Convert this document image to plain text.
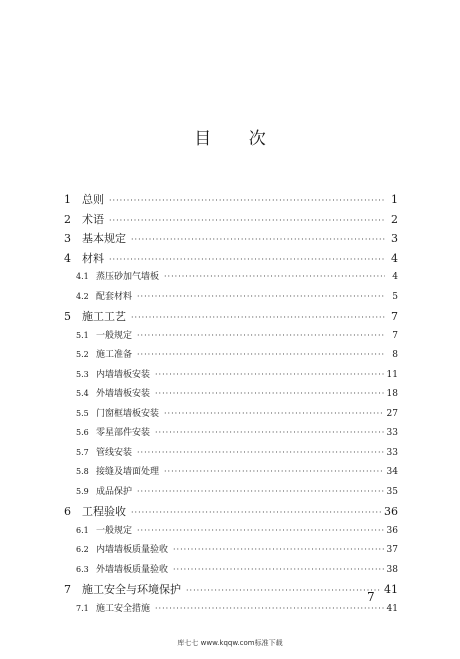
目 次
1	总则 ·····	1
2	术语 ·····	2
3	基本规定 ·····	3
4	材料 ·····	4
4.1 蒸压砂加气墙板 ·····	4
4.2 配套材料 ·····	5
5	施工工艺 ·····	7
5.1 一般规定 ·····	7
5.2 施工准备 ·····	8
5.3 内墙墙板安装 ·····	11
5.4 外墙墙板安装 ·····	18
5.5 门窗框墙板安装 ·····	27
5.6 零星部件安装 ·····	33
5.7 管线安装 ·····	33
5.8 接缝及墙面处理 ·····	34
5.9 成品保护 ·····	35
6	工程验收 ·····	36
6.1 一般规定 ·····	36
6.2 内墙墙板质量验收 ·····	37
6.3 外墙墙板质量验收 ·····	38
7	施工安全与环境保护 ·····	41
7.1 施工安全措施 ·····	41
7
库七七 www.kqqw.com标准下载
